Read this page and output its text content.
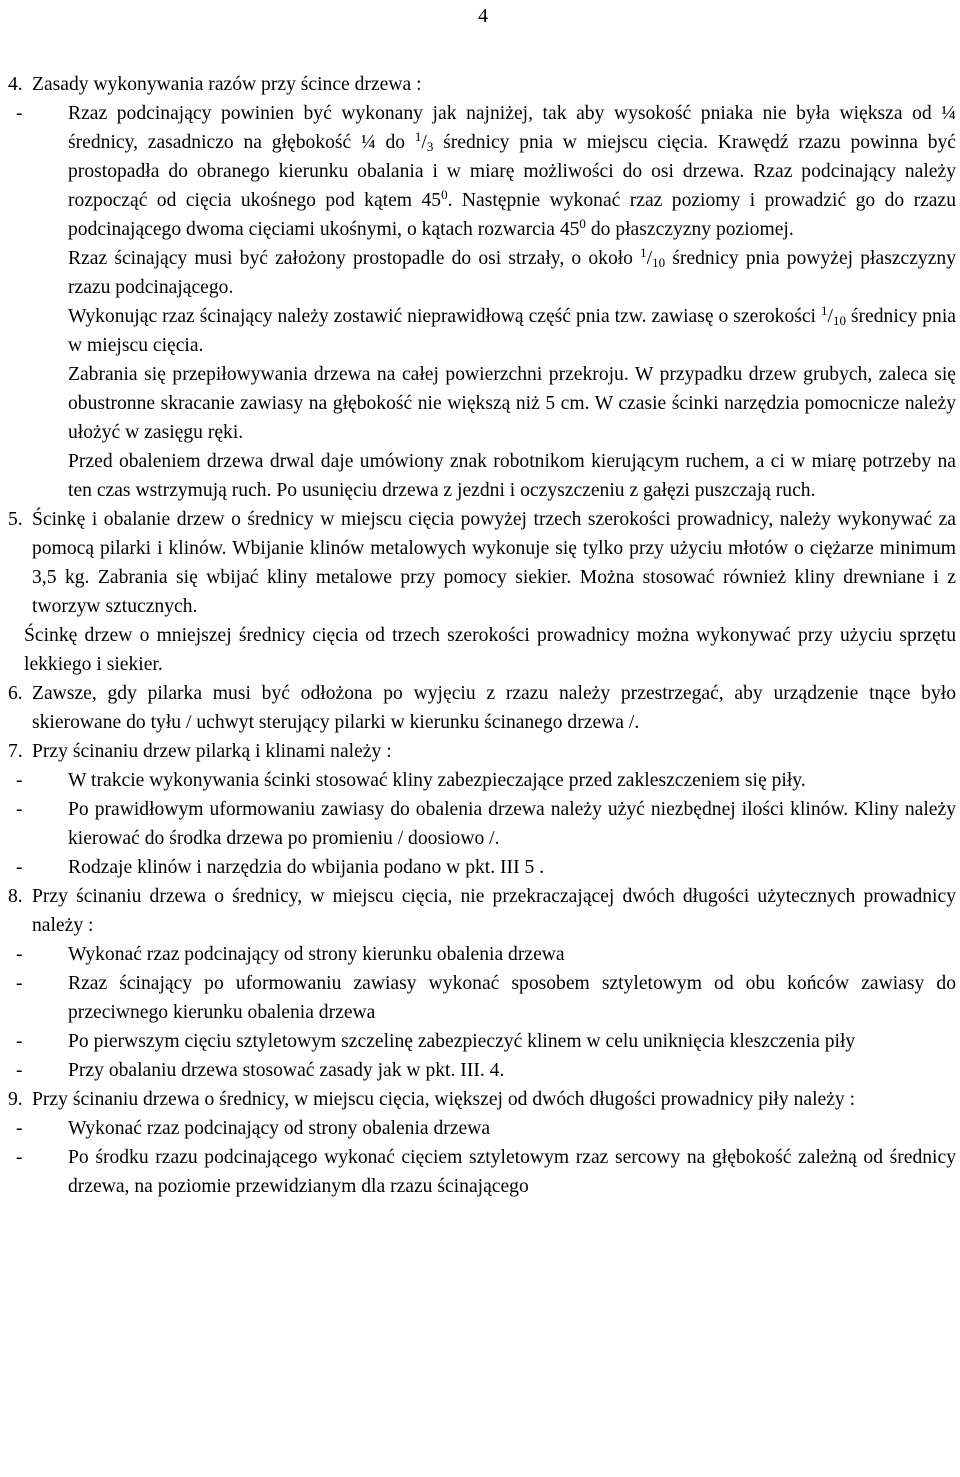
4
4. Zasady wykonywania razów przy ścince drzewa :
-	Rzaz podcinający powinien być wykonany jak najniżej, tak aby wysokość pniaka nie była większa od ¼ średnicy, zasadniczo na głębokość ¼ do $^1$/3 średnicy pnia w miejscu cięcia. Krawędź rzazu powinna być prostopadła do obranego kierunku obalania i w miarę możliwości do osi drzewa. Rzaz podcinający należy rozpocząć od cięcia ukośnego pod kątem $45^0$. Następnie wykonać rzaz poziomy i prowadzić go do rzazu podcinającego dwoma cięciami ukośnymi, o kątach rozwarcia $45^0$ do płaszczyzny poziomej.
Rzaz ścinający musi być założony prostopadle do osi strzały, o około $^1$/10 średnicy pnia powyżej płaszczyzny rzazu podcinającego.
Wykonując rzaz ścinający należy zostawić nieprawidłową część pnia tzw. zawiasę o szerokości $^1$/10 średnicy pnia w miejscu cięcia.
Zabrania się przepiłowywania drzewa na całej powierzchni przekroju. W przypadku drzew grubych, zaleca się obustronne skracanie zawiasy na głębokość nie większą niż 5 cm. W czasie ścinki narzędzia pomocnicze należy ułożyć w zasięgu ręki.
Przed obaleniem drzewa drwal daje umówiony znak robotnikom kierującym ruchem, a ci w miarę potrzeby na ten czas wstrzymują ruch. Po usunięciu drzewa z jezdni i oczyszczeniu z gałęzi puszczają ruch.
5. Ścinkę i obalanie drzew o średnicy w miejscu cięcia powyżej trzech szerokości prowadnicy, należy wykonywać za pomocą pilarki i klinów. Wbijanie klinów metalowych wykonuje się tylko przy użyciu młotów o ciężarze minimum 3,5 kg. Zabrania się wbijać kliny metalowe przy pomocy siekier. Można stosować również kliny drewniane i z tworzyw sztucznych.
Ścinkę drzew o mniejszej średnicy cięcia od trzech szerokości prowadnicy można wykonywać przy użyciu sprzętu lekkiego i siekier.
6. Zawsze, gdy pilarka musi być odłożona po wyjęciu z rzazu należy przestrzegać, aby urządzenie tnące było skierowane do tyłu / uchwyt sterujący pilarki w kierunku ścinanego drzewa /.
7. Przy ścinaniu drzew pilarką i klinami należy :
-	W trakcie wykonywania ścinki stosować kliny zabezpieczające przed zakleszczeniem się piły.
-	Po prawidłowym uformowaniu zawiasy do obalenia drzewa należy użyć niezbędnej ilości klinów. Kliny należy kierować do środka drzewa po promieniu / doosiowo /.
-	Rodzaje klinów i narzędzia do wbijania podano w pkt. III 5 .
8. Przy ścinaniu drzewa o średnicy, w miejscu cięcia, nie przekraczającej dwóch długości użytecznych prowadnicy należy :
-	Wykonać rzaz podcinający od strony kierunku obalenia drzewa
-	Rzaz ścinający po uformowaniu zawiasy wykonać sposobem sztyletowym od obu końców zawiasy do przeciwnego kierunku obalenia drzewa
-	Po pierwszym cięciu sztyletowym szczelinę zabezpieczyć klinem w celu uniknięcia kleszczenia piły
-	Przy obalaniu drzewa stosować zasady jak w pkt. III. 4.
9. Przy ścinaniu drzewa o średnicy, w miejscu cięcia, większej od dwóch długości prowadnicy piły należy :
-	Wykonać rzaz podcinający od strony obalenia drzewa
-	Po środku rzazu podcinającego wykonać cięciem sztyletowym rzaz sercowy na głębokość zależną od średnicy drzewa, na poziomie przewidzianym dla rzazu ścinającego
